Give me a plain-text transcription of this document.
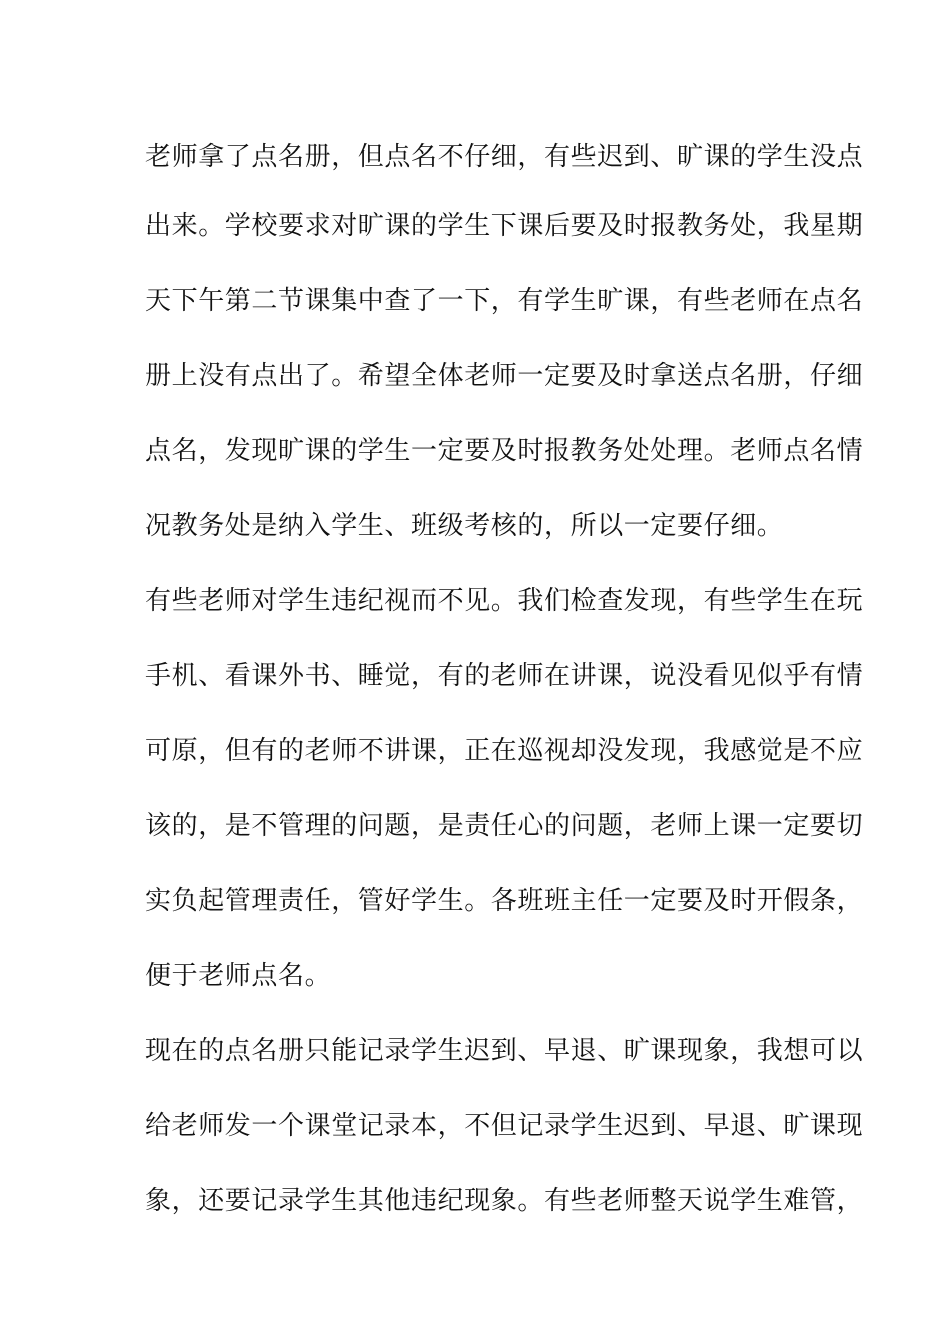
老师拿了点名册，但点名不仔细，有些迟到、旷课的学生没点
出来。学校要求对旷课的学生下课后要及时报教务处，我星期
天下午第二节课集中查了一下，有学生旷课，有些老师在点名
册上没有点出了。希望全体老师一定要及时拿送点名册，仔细
点名，发现旷课的学生一定要及时报教务处处理。老师点名情
况教务处是纳入学生、班级考核的，所以一定要仔细。
有些老师对学生违纪视而不见。我们检查发现，有些学生在玩
手机、看课外书、睡觉，有的老师在讲课，说没看见似乎有情
可原，但有的老师不讲课，正在巡视却没发现，我感觉是不应
该的，是不管理的问题，是责任心的问题，老师上课一定要切
实负起管理责任，管好学生。各班班主任一定要及时开假条，
便于老师点名。
现在的点名册只能记录学生迟到、早退、旷课现象，我想可以
给老师发一个课堂记录本，不但记录学生迟到、早退、旷课现
象，还要记录学生其他违纪现象。有些老师整天说学生难管，
